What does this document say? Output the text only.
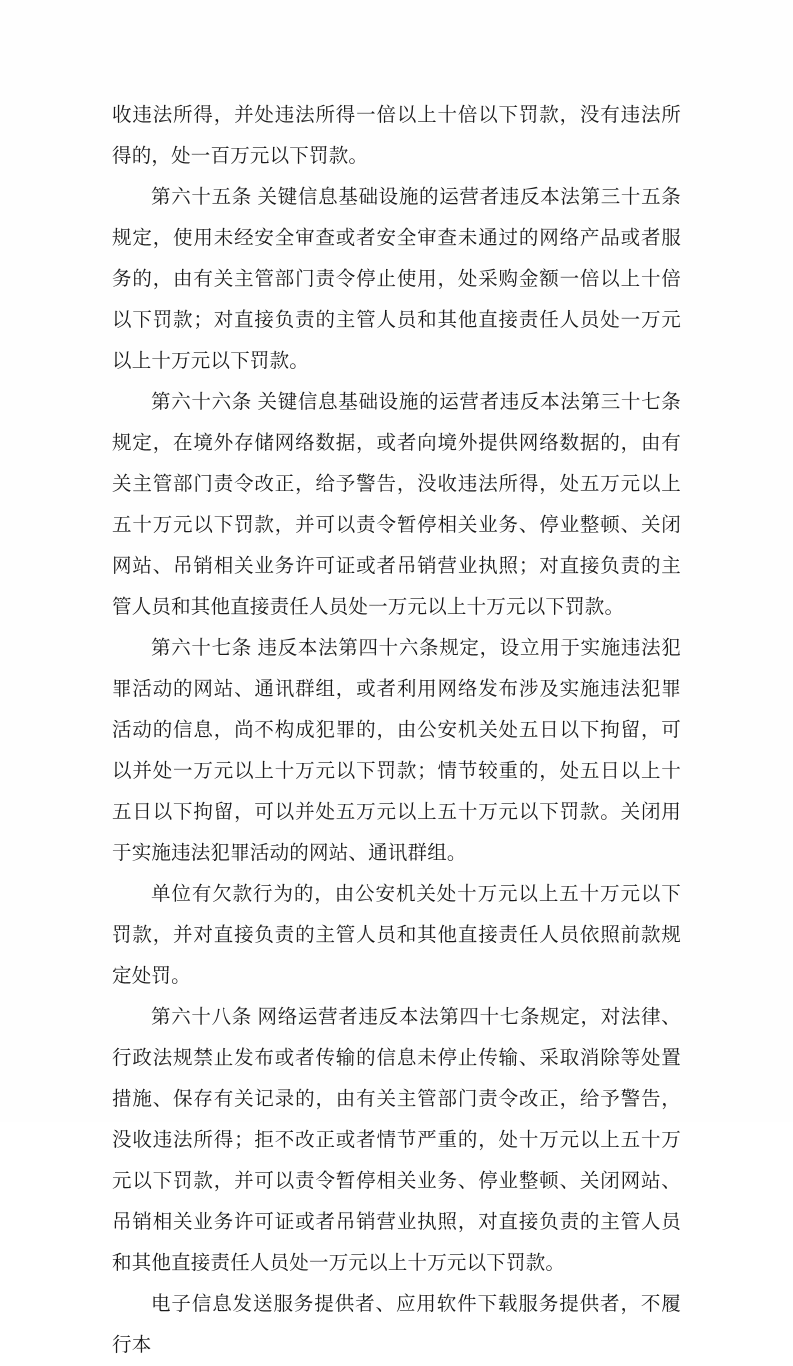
收违法所得，并处违法所得一倍以上十倍以下罚款，没有违法所得的，处一百万元以下罚款。

第六十五条 关键信息基础设施的运营者违反本法第三十五条规定，使用未经安全审查或者安全审查未通过的网络产品或者服务的，由有关主管部门责令停止使用，处采购金额一倍以上十倍以下罚款；对直接负责的主管人员和其他直接责任人员处一万元以上十万元以下罚款。

第六十六条 关键信息基础设施的运营者违反本法第三十七条规定，在境外存储网络数据，或者向境外提供网络数据的，由有关主管部门责令改正，给予警告，没收违法所得，处五万元以上五十万元以下罚款，并可以责令暂停相关业务、停业整顿、关闭网站、吊销相关业务许可证或者吊销营业执照；对直接负责的主管人员和其他直接责任人员处一万元以上十万元以下罚款。

第六十七条 违反本法第四十六条规定，设立用于实施违法犯罪活动的网站、通讯群组，或者利用网络发布涉及实施违法犯罪活动的信息，尚不构成犯罪的，由公安机关处五日以下拘留，可以并处一万元以上十万元以下罚款；情节较重的，处五日以上十五日以下拘留，可以并处五万元以上五十万元以下罚款。关闭用于实施违法犯罪活动的网站、通讯群组。

单位有欠款行为的，由公安机关处十万元以上五十万元以下罚款，并对直接负责的主管人员和其他直接责任人员依照前款规定处罚。

第六十八条 网络运营者违反本法第四十七条规定，对法律、行政法规禁止发布或者传输的信息未停止传输、采取消除等处置措施、保存有关记录的，由有关主管部门责令改正，给予警告，没收违法所得；拒不改正或者情节严重的，处十万元以上五十万元以下罚款，并可以责令暂停相关业务、停业整顿、关闭网站、吊销相关业务许可证或者吊销营业执照，对直接负责的主管人员和其他直接责任人员处一万元以上十万元以下罚款。

电子信息发送服务提供者、应用软件下载服务提供者，不履行本
